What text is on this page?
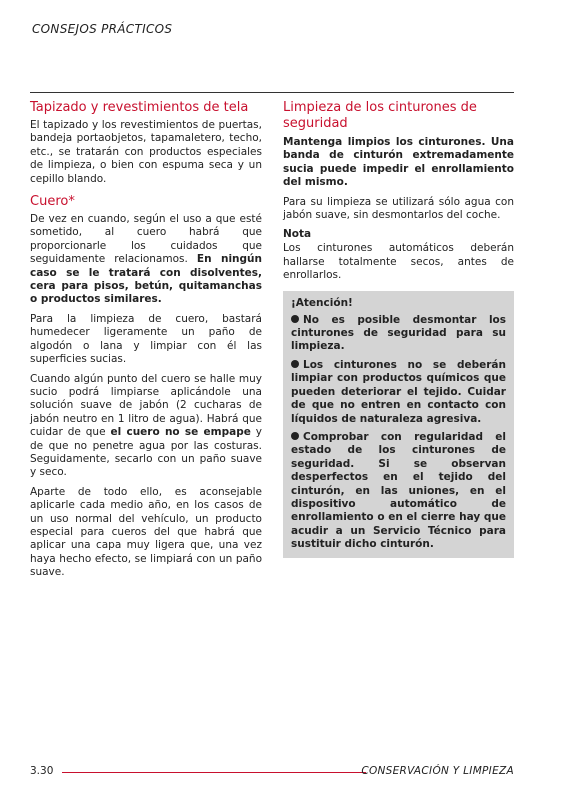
CONSEJOS PRÁCTICOS
Tapizado y revestimientos de tela

El tapizado y los revestimientos de puertas, bandeja portaobjetos, tapamaletero, techo, etc., se tratarán con productos especiales de limpieza, o bien con espuma seca y un cepillo blando.

Cuero*

De vez en cuando, según el uso a que esté sometido, al cuero habrá que proporcionarle los cuidados que seguidamente relacionamos. En ningún caso se le tratará con disolventes, cera para pisos, betún, quitamanchas o productos similares.

Para la limpieza de cuero, bastará humedecer ligeramente un paño de algodón o lana y limpiar con él las superficies sucias.

Cuando algún punto del cuero se halle muy sucio podrá limpiarse aplicándole una solución suave de jabón (2 cucharas de jabón neutro en 1 litro de agua). Habrá que cuidar de que el cuero no se empape y de que no penetre agua por las costuras. Seguidamente, secarlo con un paño suave y seco.

Aparte de todo ello, es aconsejable aplicarle cada medio año, en los casos de un uso normal del vehículo, un producto especial para cueros del que habrá que aplicar una capa muy ligera que, una vez haya hecho efecto, se limpiará con un paño suave.

Limpieza de los cinturones de seguridad

Mantenga limpios los cinturones. Una banda de cinturón extremadamente sucia puede impedir el enrollamiento del mismo.

Para su limpieza se utilizará sólo agua con jabón suave, sin desmontarlos del coche.

Nota

Los cinturones automáticos deberán hallarse totalmente secos, antes de enrollarlos.

¡Atención!
No es posible desmontar los cinturones de seguridad para su limpieza.
Los cinturones no se deberán limpiar con productos químicos que pueden deteriorar el tejido. Cuidar de que no entren en contacto con líquidos de naturaleza agresiva.
Comprobar con regularidad el estado de los cinturones de seguridad. Si se observan desperfectos en el tejido del cinturón, en las uniones, en el dispositivo automático de enrollamiento o en el cierre hay que acudir a un Servicio Técnico para sustituir dicho cinturón.
3.30	CONSERVACIÓN Y LIMPIEZA
